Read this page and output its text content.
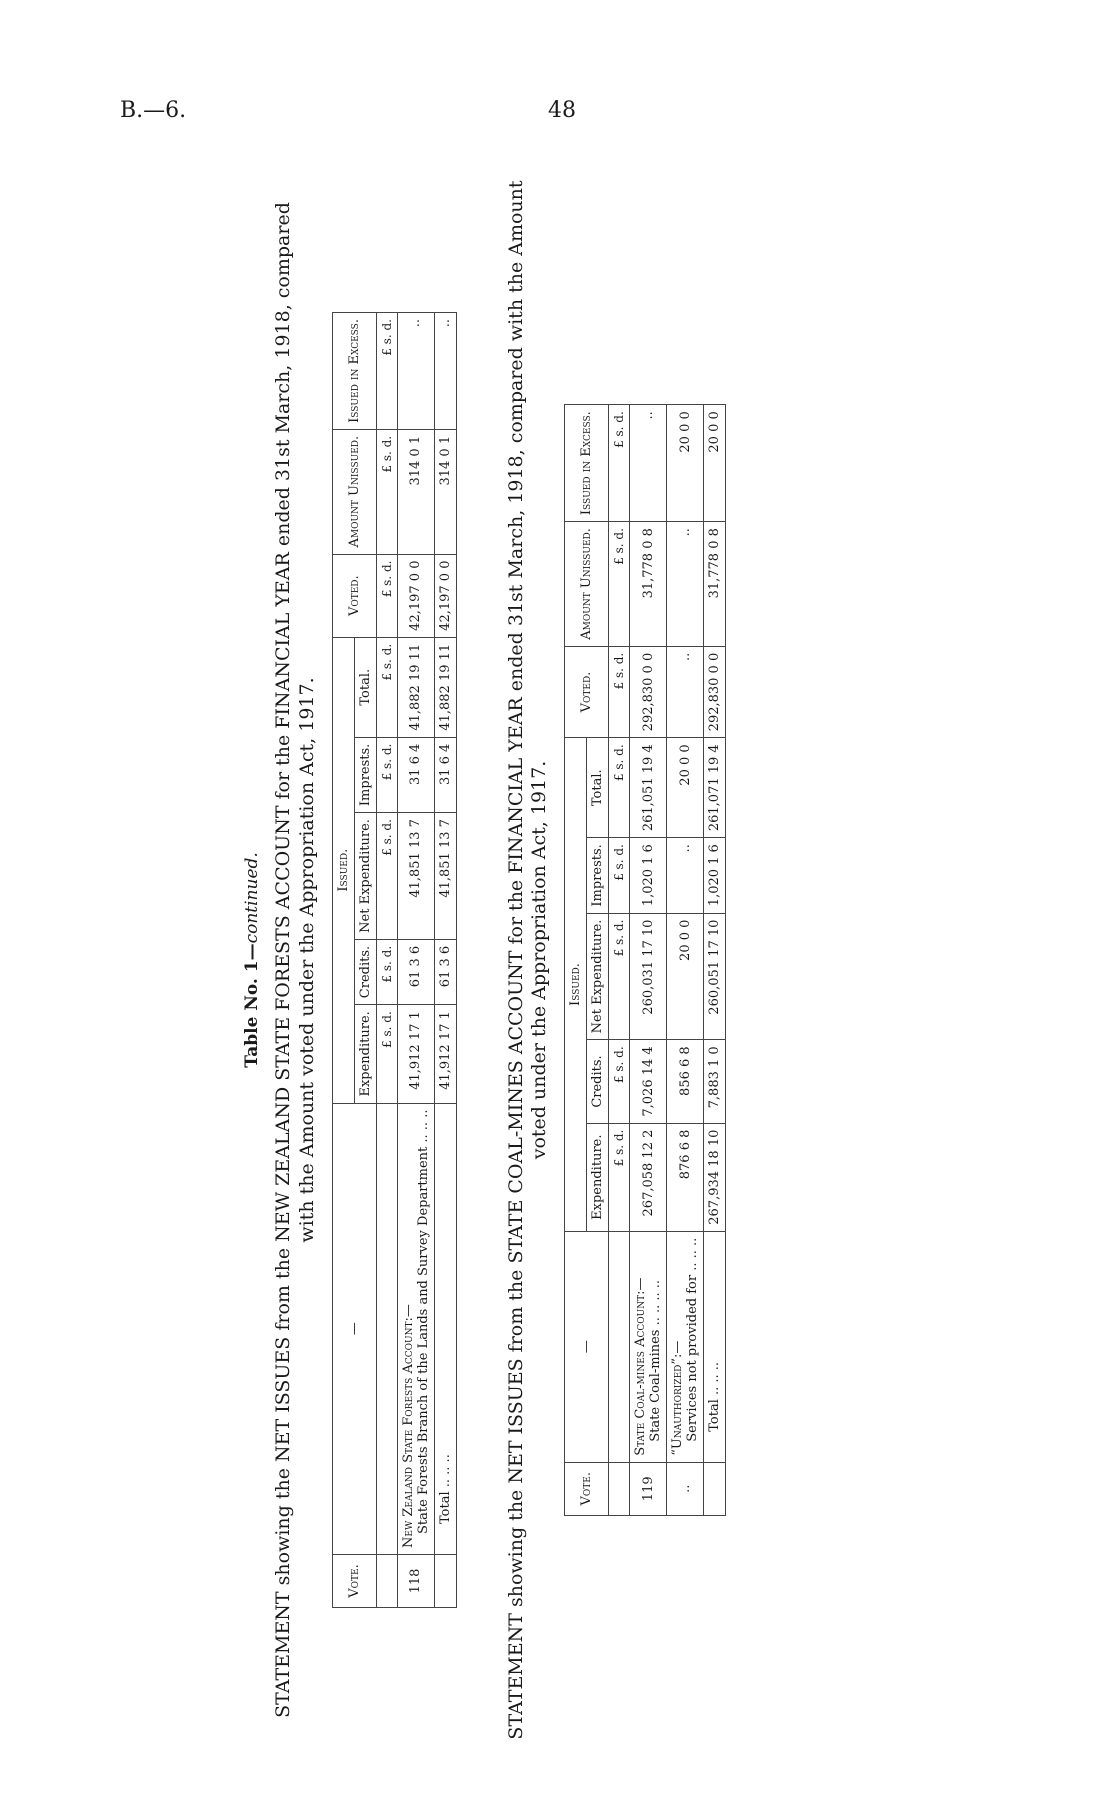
B.—6.	48
Table No. 1—continued. STATEMENT showing the NET ISSUES from the NEW ZEALAND STATE FORESTS ACCOUNT for the FINANCIAL YEAR ended 31st March, 1918, compared with the Amount voted under the Appropriation Act, 1917.
Vote.	—	Issued.					Voted.	Amount Unissued.	Issued in Excess.
		Expenditure.	Credits.	Net Expenditure.	Imprests.	Total.			
		£ s. d.	£ s. d.	£ s. d.	£ s. d.	£ s. d.	£ s. d.	£ s. d.	£ s. d.
118	New Zealand State Forests Account:— State Forests Branch of the Lands and Survey Department .. .. ..	41,912 17 1	61 3 6	41,851 13 7	31 6 4	41,882 19 11	42,197 0 0	314 0 1	..
	Total .. .. ..	41,912 17 1	61 3 6	41,851 13 7	31 6 4	41,882 19 11	42,197 0 0	314 0 1	..	STATEMENT showing the NET ISSUES from the STATE COAL-MINES ACCOUNT for the FINANCIAL YEAR ended 31st March, 1918, compared with the Amount voted under the Appropriation Act, 1917.
Vote.	—	Issued.					Voted.	Amount Unissued.	Issued in Excess.
		Expenditure.	Credits.	Net Expenditure.	Imprests.	Total.			
		£ s. d.	£ s. d.	£ s. d.	£ s. d.	£ s. d.	£ s. d.	£ s. d.	£ s. d.
119	State Coal-mines Account:— State Coal-mines .. .. .. ..	267,058 12 2	7,026 14 4	260,031 17 10	1,020 1 6	261,051 19 4	292,830 0 0	31,778 0 8	..
..	“Unauthorized”:— Services not provided for .. .. ..	876 6 8	856 6 8	20 0 0	..	20 0 0	..	..	20 0 0
	Total .. .. ..	267,934 18 10	7,883 1 0	260,051 17 10	1,020 1 6	261,071 19 4	292,830 0 0	31,778 0 8	20 0 0
